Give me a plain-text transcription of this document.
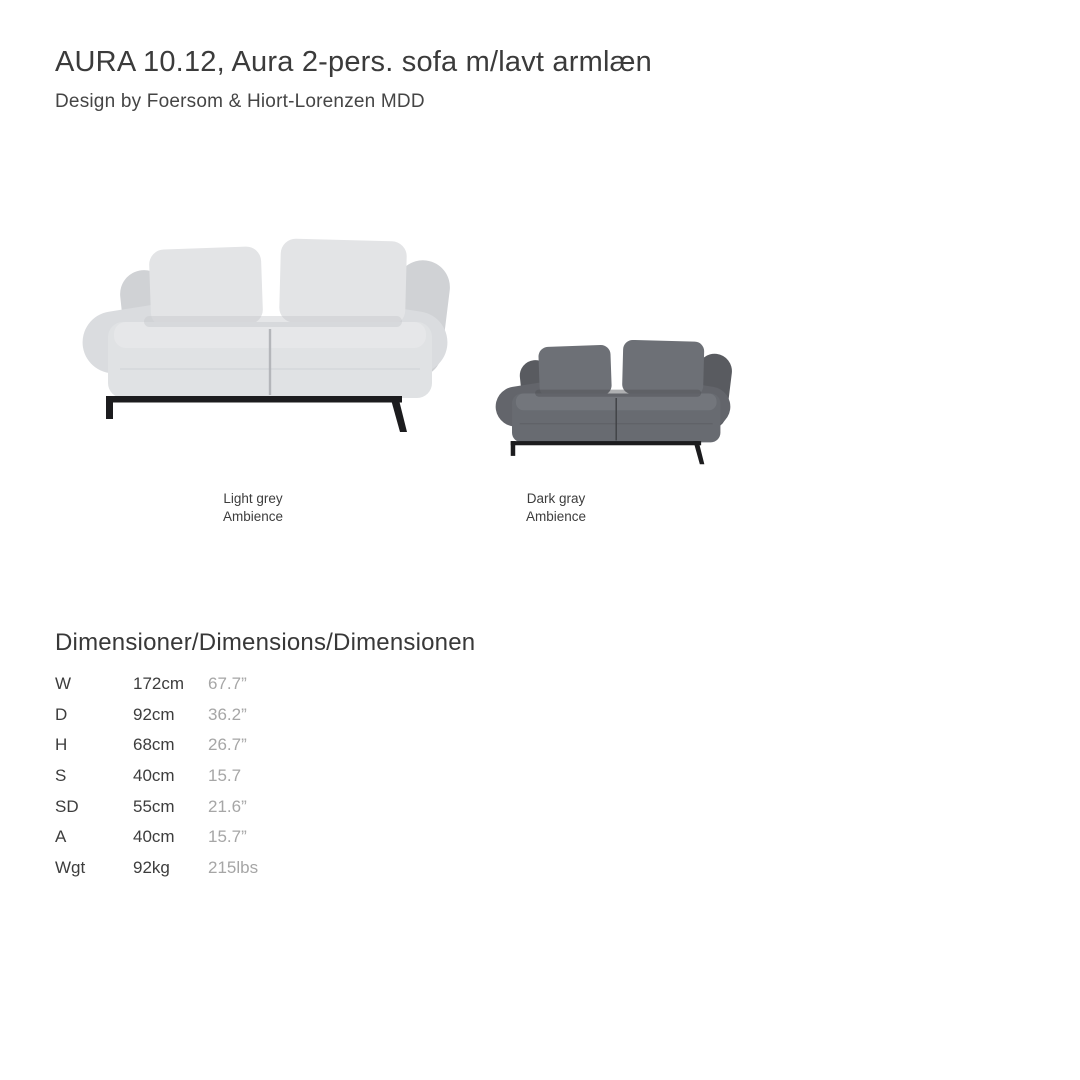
AURA 10.12, Aura 2-pers. sofa m/lavt armlæn
Design by Foersom & Hiort-Lorenzen MDD
Light grey
Ambience
Dark gray
Ambience
Dimensioner/Dimensions/Dimensionen
W	172cm	67.7”
D	92cm	36.2”
H	68cm	26.7”
S	40cm	15.7
SD	55cm	21.6”
A	40cm	15.7”
Wgt	92kg	215lbs
